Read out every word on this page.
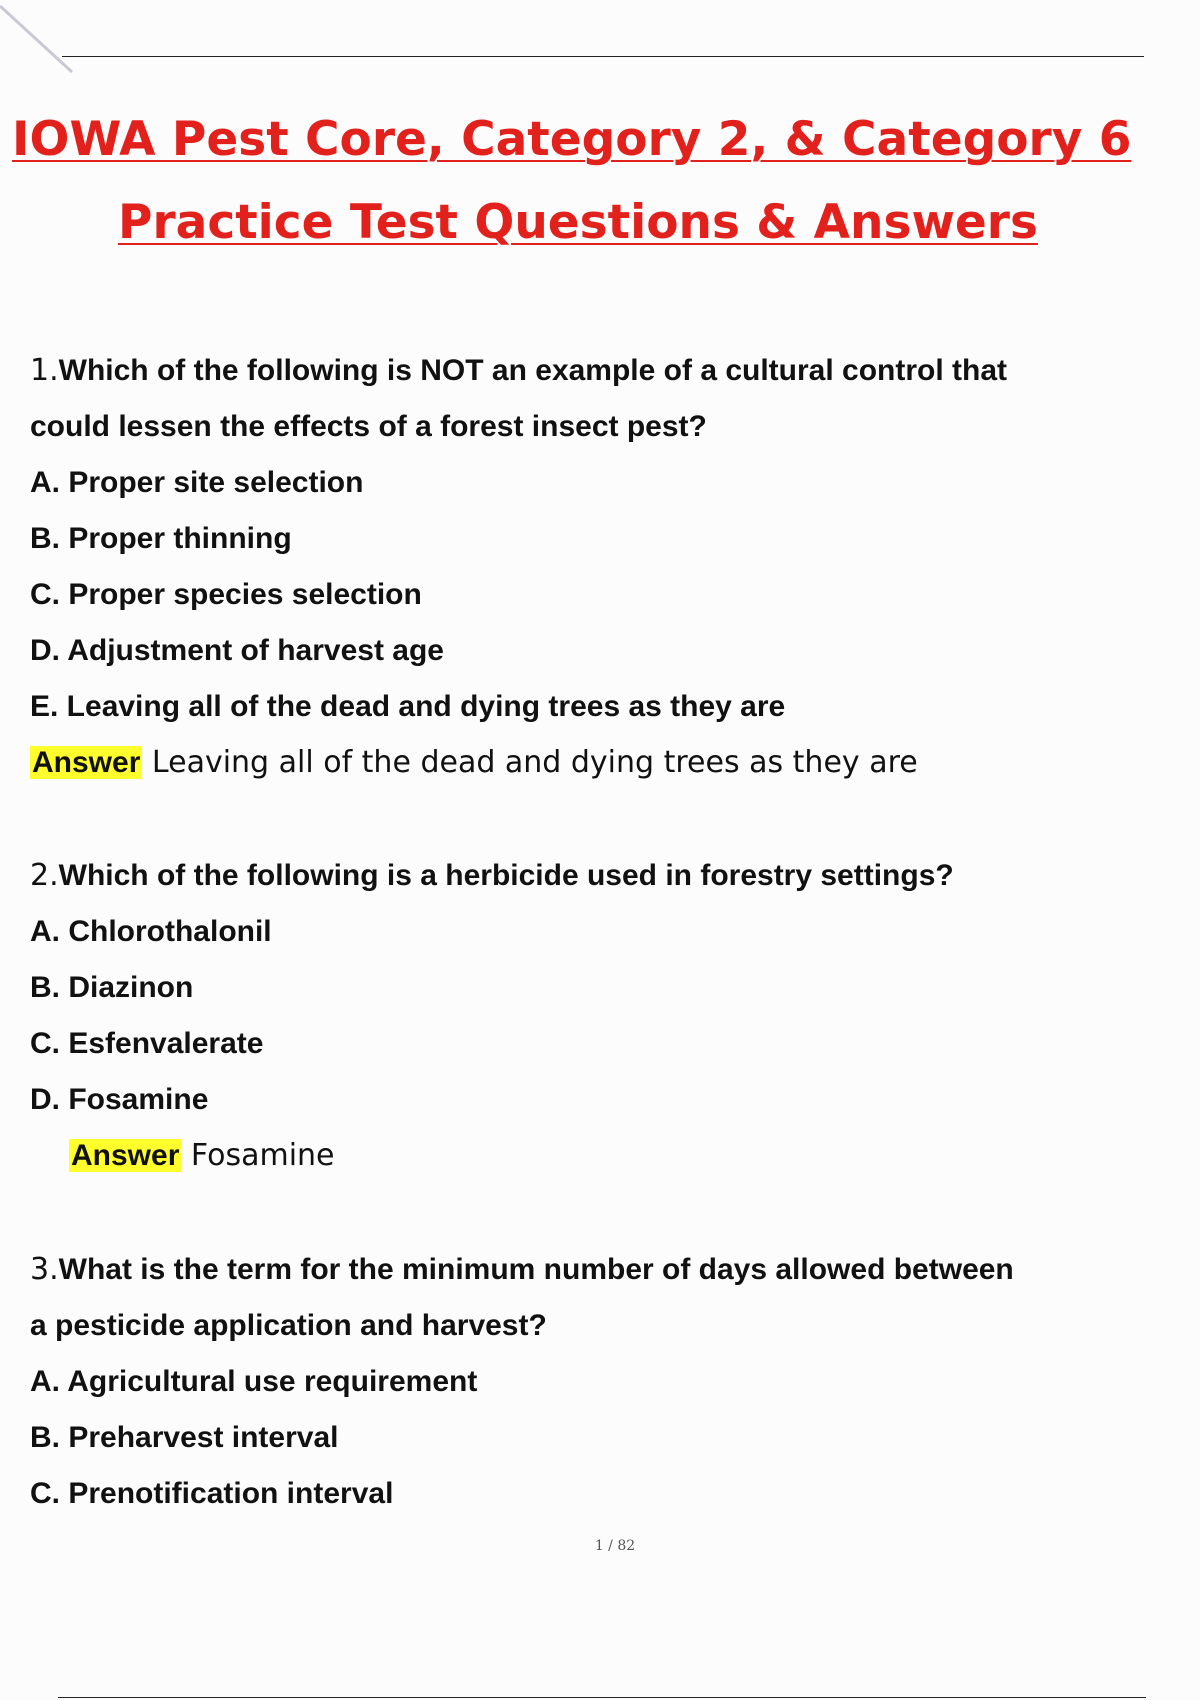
IOWA Pest Core, Category 2, & Category 6
Practice Test Questions & Answers

1.Which of the following is NOT an example of a cultural control that

could lessen the effects of a forest insect pest?

A. Proper site selection

B. Proper thinning

C. Proper species selection

D. Adjustment of harvest age

E. Leaving all of the dead and dying trees as they are

Answer Leaving all of the dead and dying trees as they are

2.Which of the following is a herbicide used in forestry settings?

A. Chlorothalonil

B. Diazinon

C. Esfenvalerate

D. Fosamine

Answer Fosamine

3.What is the term for the minimum number of days allowed between

a pesticide application and harvest?

A. Agricultural use requirement

B. Preharvest interval

C. Prenotification interval

1 / 82
